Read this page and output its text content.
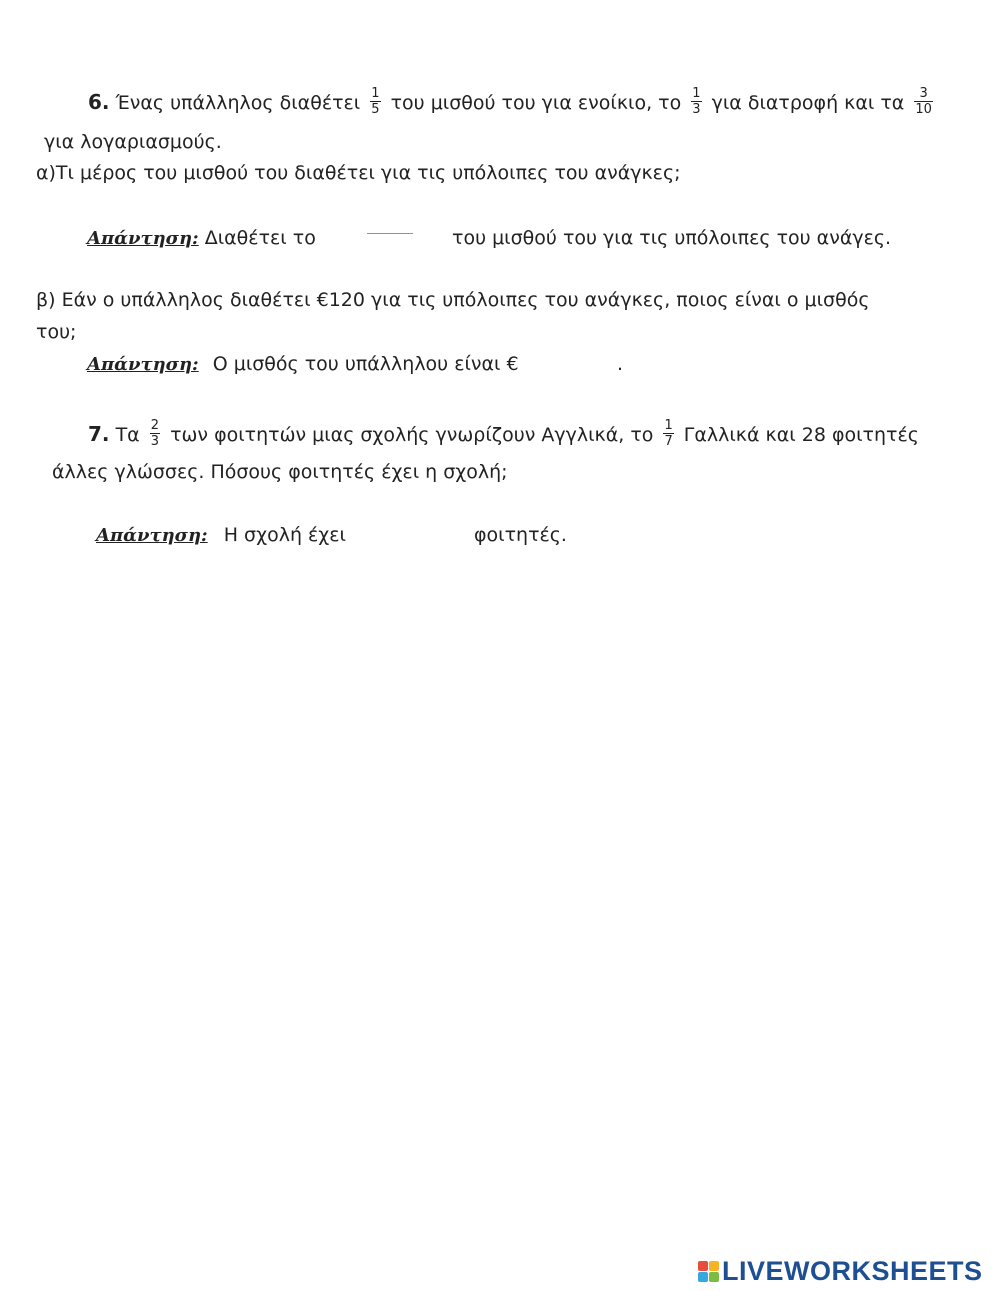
6. Ένας υπάλληλος διαθέτει $\frac{1}{5}$ του μισθού του για ενοίκιο, το $\frac{1}{3}$ για διατροφή και τα $\frac{3}{10}$
για λογαριασμούς.
α)Τι μέρος του μισθού του διαθέτει για τις υπόλοιπες του ανάγκες;
Απάντηση: Διαθέτει το	του μισθού του για τις υπόλοιπες του ανάγες.
β) Εάν ο υπάλληλος διαθέτει €120 για τις υπόλοιπες του ανάγκες, ποιος είναι ο μισθός
του;
Απάντηση: Ο μισθός του υπάλληλου είναι €	.
7. Τα $\frac{2}{3}$ των φοιτητών μιας σχολής γνωρίζουν Αγγλικά, το $\frac{1}{7}$ Γαλλικά και 28 φοιτητές
άλλες γλώσσες. Πόσους φοιτητές έχει η σχολή;
Απάντηση: Η σχολή έχει	φοιτητές.
LIVEWORKSHEETS
